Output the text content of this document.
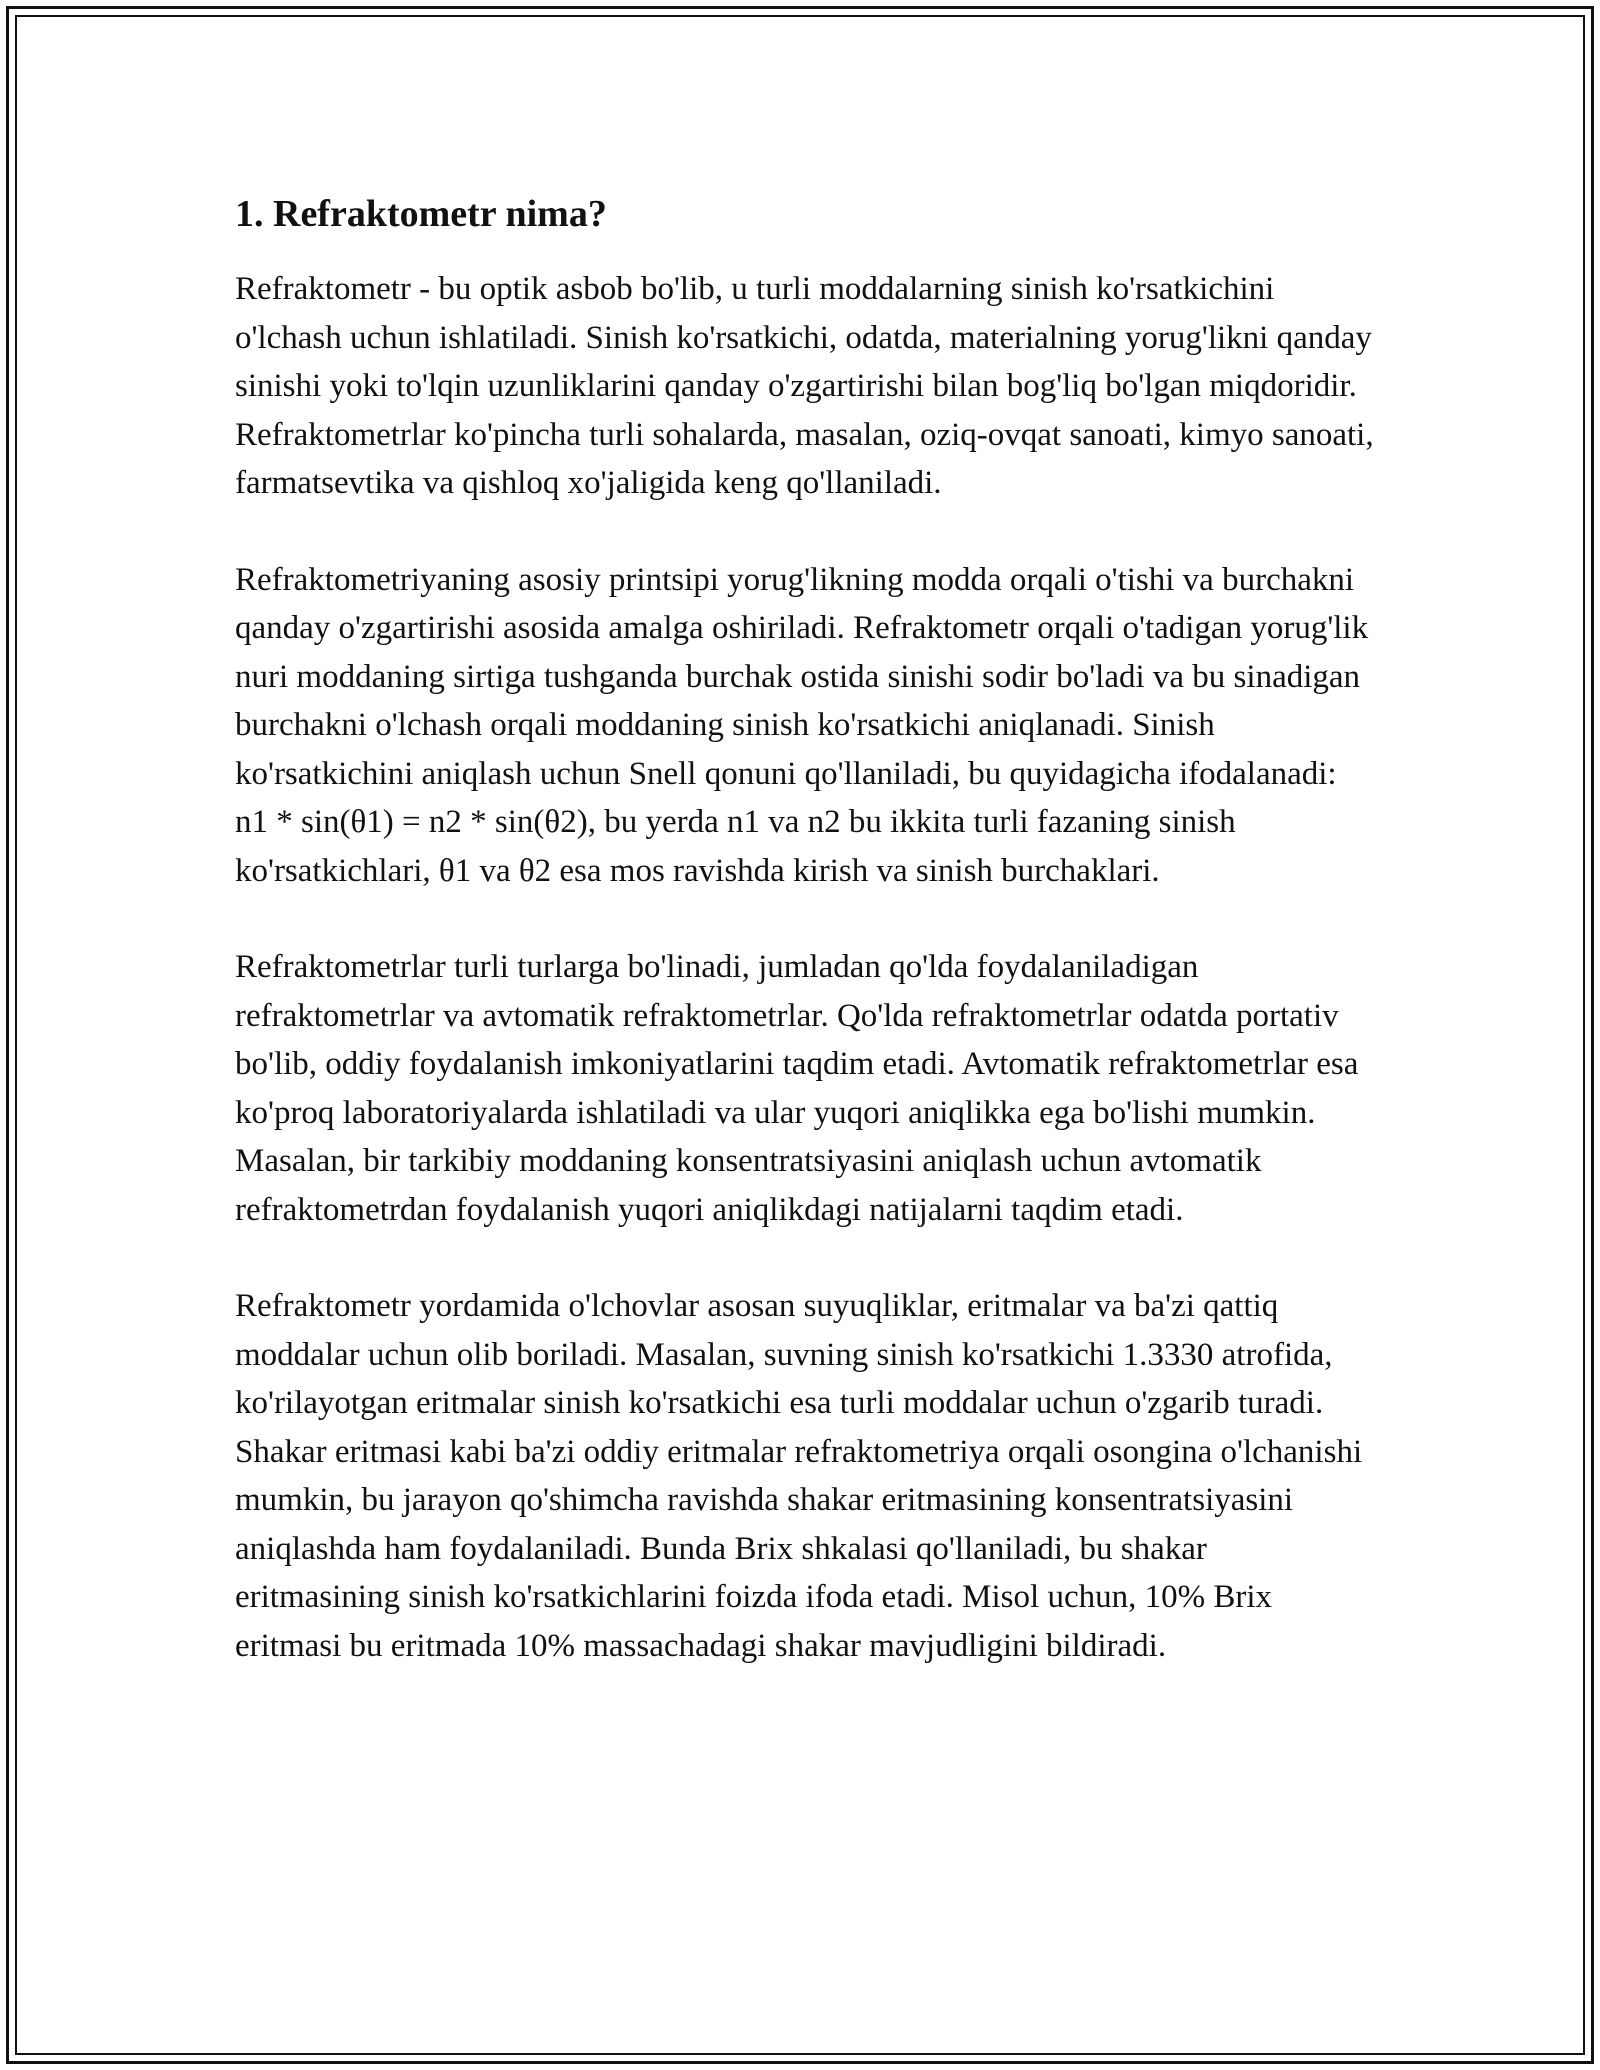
1. Refraktometr nima?

Refraktometr - bu optik asbob bo'lib, u turli moddalarning sinish ko'rsatkichini o'lchash uchun ishlatiladi. Sinish ko'rsatkichi, odatda, materialning yorug'likni qanday sinishi yoki to'lqin uzunliklarini qanday o'zgartirishi bilan bog'liq bo'lgan miqdoridir. Refraktometrlar ko'pincha turli sohalarda, masalan, oziq-ovqat sanoati, kimyo sanoati, farmatsevtika va qishloq xo'jaligida keng qo'llaniladi.

Refraktometriyaning asosiy printsipi yorug'likning modda orqali o'tishi va burchakni qanday o'zgartirishi asosida amalga oshiriladi. Refraktometr orqali o'tadigan yorug'lik nuri moddaning sirtiga tushganda burchak ostida sinishi sodir bo'ladi va bu sinadigan burchakni o'lchash orqali moddaning sinish ko'rsatkichi aniqlanadi. Sinish ko'rsatkichini aniqlash uchun Snell qonuni qo'llaniladi, bu quyidagicha ifodalanadi: n1 * sin(θ1) = n2 * sin(θ2), bu yerda n1 va n2 bu ikkita turli fazaning sinish ko'rsatkichlari, θ1 va θ2 esa mos ravishda kirish va sinish burchaklari.

Refraktometrlar turli turlarga bo'linadi, jumladan qo'lda foydalaniladigan refraktometrlar va avtomatik refraktometrlar. Qo'lda refraktometrlar odatda portativ bo'lib, oddiy foydalanish imkoniyatlarini taqdim etadi. Avtomatik refraktometrlar esa ko'proq laboratoriyalarda ishlatiladi va ular yuqori aniqlikka ega bo'lishi mumkin. Masalan, bir tarkibiy moddaning konsentratsiyasini aniqlash uchun avtomatik refraktometrdan foydalanish yuqori aniqlikdagi natijalarni taqdim etadi.

Refraktometr yordamida o'lchovlar asosan suyuqliklar, eritmalar va ba'zi qattiq moddalar uchun olib boriladi. Masalan, suvning sinish ko'rsatkichi 1.3330 atrofida, ko'rilayotgan eritmalar sinish ko'rsatkichi esa turli moddalar uchun o'zgarib turadi. Shakar eritmasi kabi ba'zi oddiy eritmalar refraktometriya orqali osongina o'lchanishi mumkin, bu jarayon qo'shimcha ravishda shakar eritmasining konsentratsiyasini aniqlashda ham foydalaniladi. Bunda Brix shkalasi qo'llaniladi, bu shakar eritmasining sinish ko'rsatkichlarini foizda ifoda etadi. Misol uchun, 10% Brix eritmasi bu eritmada 10% massachadagi shakar mavjudligini bildiradi.
